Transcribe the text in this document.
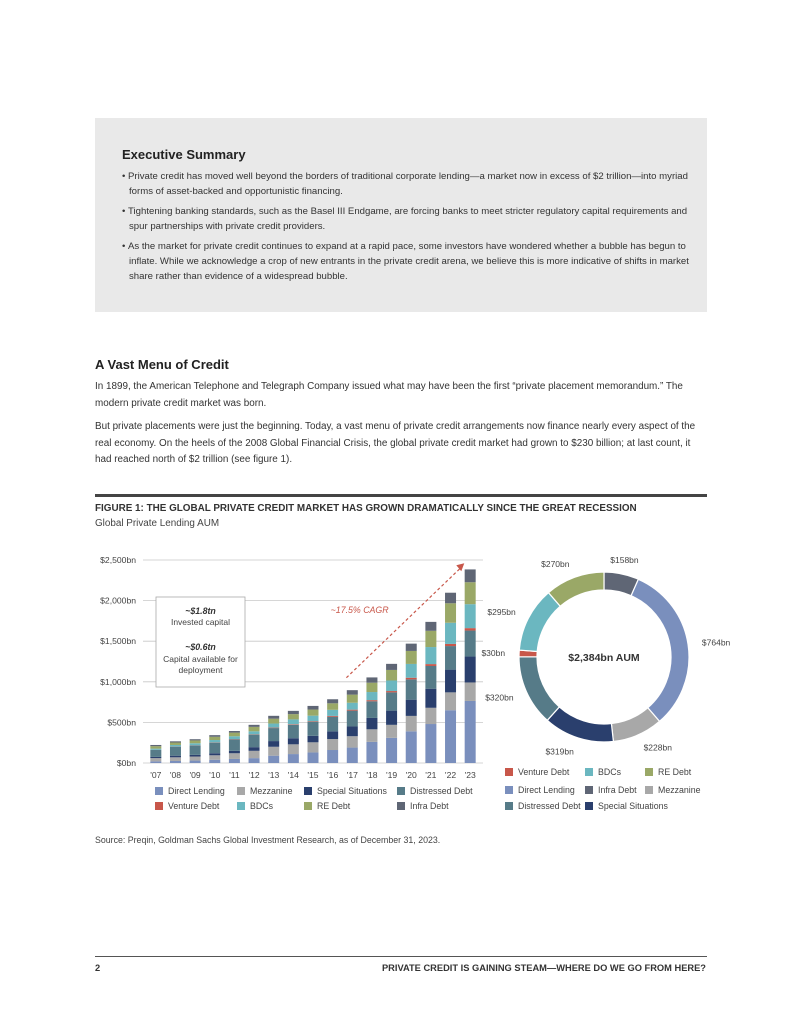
Executive Summary
• Private credit has moved well beyond the borders of traditional corporate lending—a market now in excess of $2 trillion—into myriad forms of asset-backed and opportunistic financing.
• Tightening banking standards, such as the Basel III Endgame, are forcing banks to meet stricter regulatory capital requirements and spur partnerships with private credit providers.
• As the market for private credit continues to expand at a rapid pace, some investors have wondered whether a bubble has begun to inflate. While we acknowledge a crop of new entrants in the private credit arena, we believe this is more indicative of shifts in market share rather than evidence of a widespread bubble.
A Vast Menu of Credit

In 1899, the American Telephone and Telegraph Company issued what may have been the first “private placement memorandum.” The modern private credit market was born.

But private placements were just the beginning. Today, a vast menu of private credit arrangements now finance nearly every aspect of the real economy. On the heels of the 2008 Global Financial Crisis, the global private credit market had grown to $230 billion; at last count, it had reached north of $2 trillion (see figure 1).

FIGURE 1: THE GLOBAL PRIVATE CREDIT MARKET HAS GROWN DRAMATICALLY SINCE THE GREAT RECESSION
Global Private Lending AUM
$0bn
$500bn
$1,000bn
$1,500bn
$2,000bn
$2,500bn
'07 '08 '09 '10 '11 '12 '13 '14 '15 '16 '17 '18 '19 '20 '21 '22 '23
~17.5% CAGR
~$1.8tn
Invested capital
~$0.6tn
Capital available for deployment
Direct Lending	Mezzanine	Special Situations	Distressed Debt
Venture Debt	BDCs	RE Debt	Infra Debt
$158bn
$764bn
$228bn
$319bn
$320bn
$30bn
$295bn
$270bn
$2,384bn AUM
Venture Debt	BDCs	RE Debt
Direct Lending	Infra Debt	Mezzanine
Distressed Debt	Special Situations
Source: Preqin, Goldman Sachs Global Investment Research, as of December 31, 2023.
2	PRIVATE CREDIT IS GAINING STEAM—WHERE DO WE GO FROM HERE?
